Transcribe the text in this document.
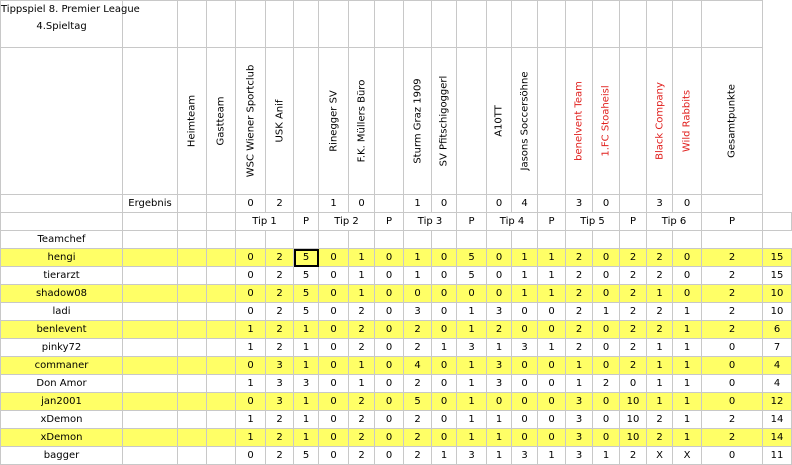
Tippspiel 8. Premier League
4.Spieltag																						

		Heimteam	Gastteam	WSC Wiener Sportclub	USK Anif		Rinegger SV	F.K. Müllers Büro		Sturm Graz 1909	SV Pfitschigoggerl		A10TT	Jasons Soccersöhne		benelvent Team	1.FC Stoaheisl		Black Company	Wild Rabbits	Gesamtpunkte	

	Ergebnis			0	2		1	0		1	0		0	4		3	0		3	0		
				Tip 1		P	Tip 2		P	Tip 3		P	Tip 4		P	Tip 5		P	Tip 6		P	
Teamchef																						
hengi				0	2	5	0	1	0	1	0	5	0	1	1	2	0	2	2	0	2	15
tierarzt				0	2	5	0	1	0	1	0	5	0	1	1	2	0	2	2	0	2	15
shadow08				0	2	5	0	1	0	0	0	0	0	1	1	2	0	2	1	0	2	10
ladi				0	2	5	0	2	0	3	0	1	3	0	0	2	1	2	2	1	2	10
benlevent				1	2	1	0	2	0	2	0	1	2	0	0	2	0	2	2	1	2	6
pinky72				1	2	1	0	2	0	2	1	3	1	3	1	2	0	2	1	1	0	7
commaner				0	3	1	0	1	0	4	0	1	3	0	0	1	0	2	1	1	0	4
Don Amor				1	3	3	0	1	0	2	0	1	3	0	0	1	2	0	1	1	0	4
jan2001				0	3	1	0	2	0	5	0	1	0	0	0	3	0	10	1	1	0	12
xDemon				1	2	1	0	2	0	2	0	1	1	0	0	3	0	10	2	1	2	14
xDemon				1	2	1	0	2	0	2	0	1	1	0	0	3	0	10	2	1	2	14
bagger				0	2	5	0	2	0	2	1	3	1	3	1	3	1	2	X	X	0	11
